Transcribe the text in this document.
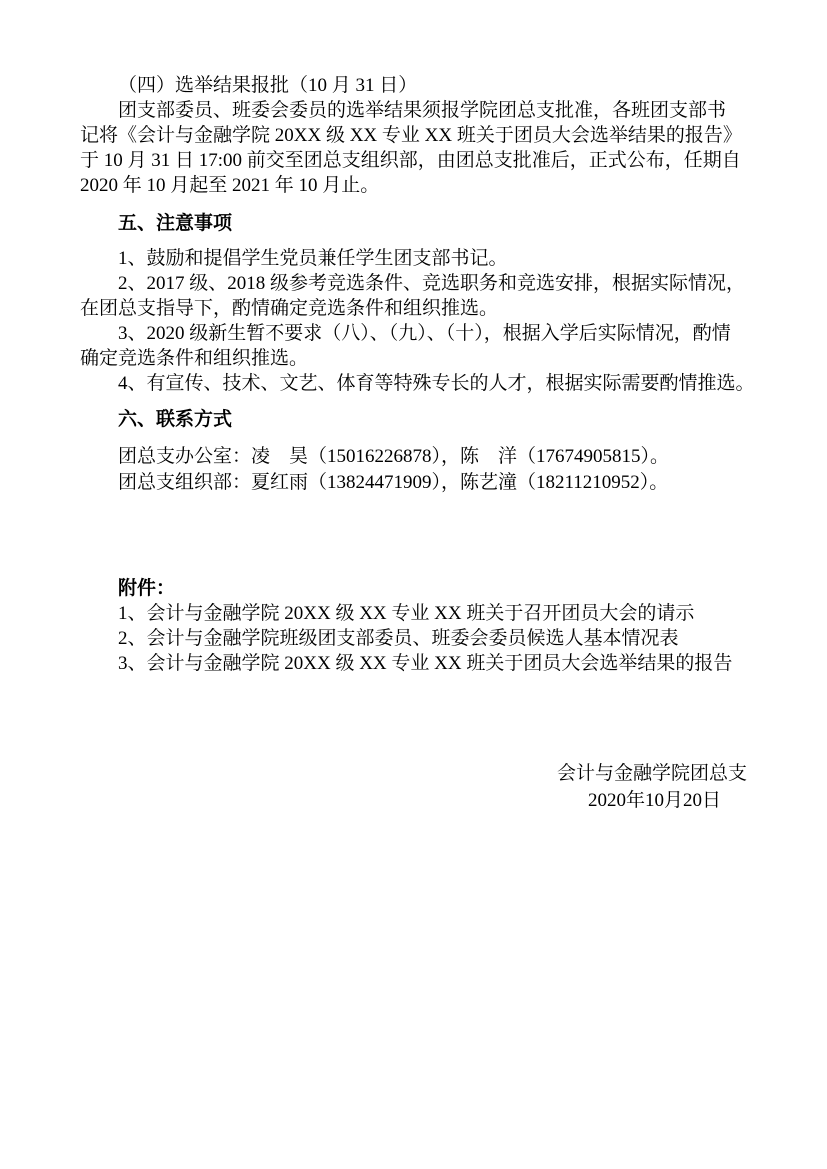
（四）选举结果报批（10 月 31 日）
团支部委员、班委会委员的选举结果须报学院团总支批准，各班团支部书
记将《会计与金融学院 20XX 级 XX 专业 XX 班关于团员大会选举结果的报告》
于 10 月 31 日 17:00 前交至团总支组织部，由团总支批准后，正式公布，任期自
2020 年 10 月起至 2021 年 10 月止。
五、注意事项
1、鼓励和提倡学生党员兼任学生团支部书记。
2、2017 级、2018 级参考竞选条件、竞选职务和竞选安排，根据实际情况，
在团总支指导下，酌情确定竞选条件和组织推选。
3、2020 级新生暂不要求（八）、（九）、（十），根据入学后实际情况，酌情
确定竞选条件和组织推选。
4、有宣传、技术、文艺、体育等特殊专长的人才，根据实际需要酌情推选。
六、联系方式
团总支办公室：凌　昊（15016226878），陈　洋（17674905815）。
团总支组织部：夏红雨（13824471909），陈艺潼（18211210952）。
附件：
1、会计与金融学院 20XX 级 XX 专业 XX 班关于召开团员大会的请示
2、会计与金融学院班级团支部委员、班委会委员候选人基本情况表
3、会计与金融学院 20XX 级 XX 专业 XX 班关于团员大会选举结果的报告
会计与金融学院团总支
2020年10月20日
